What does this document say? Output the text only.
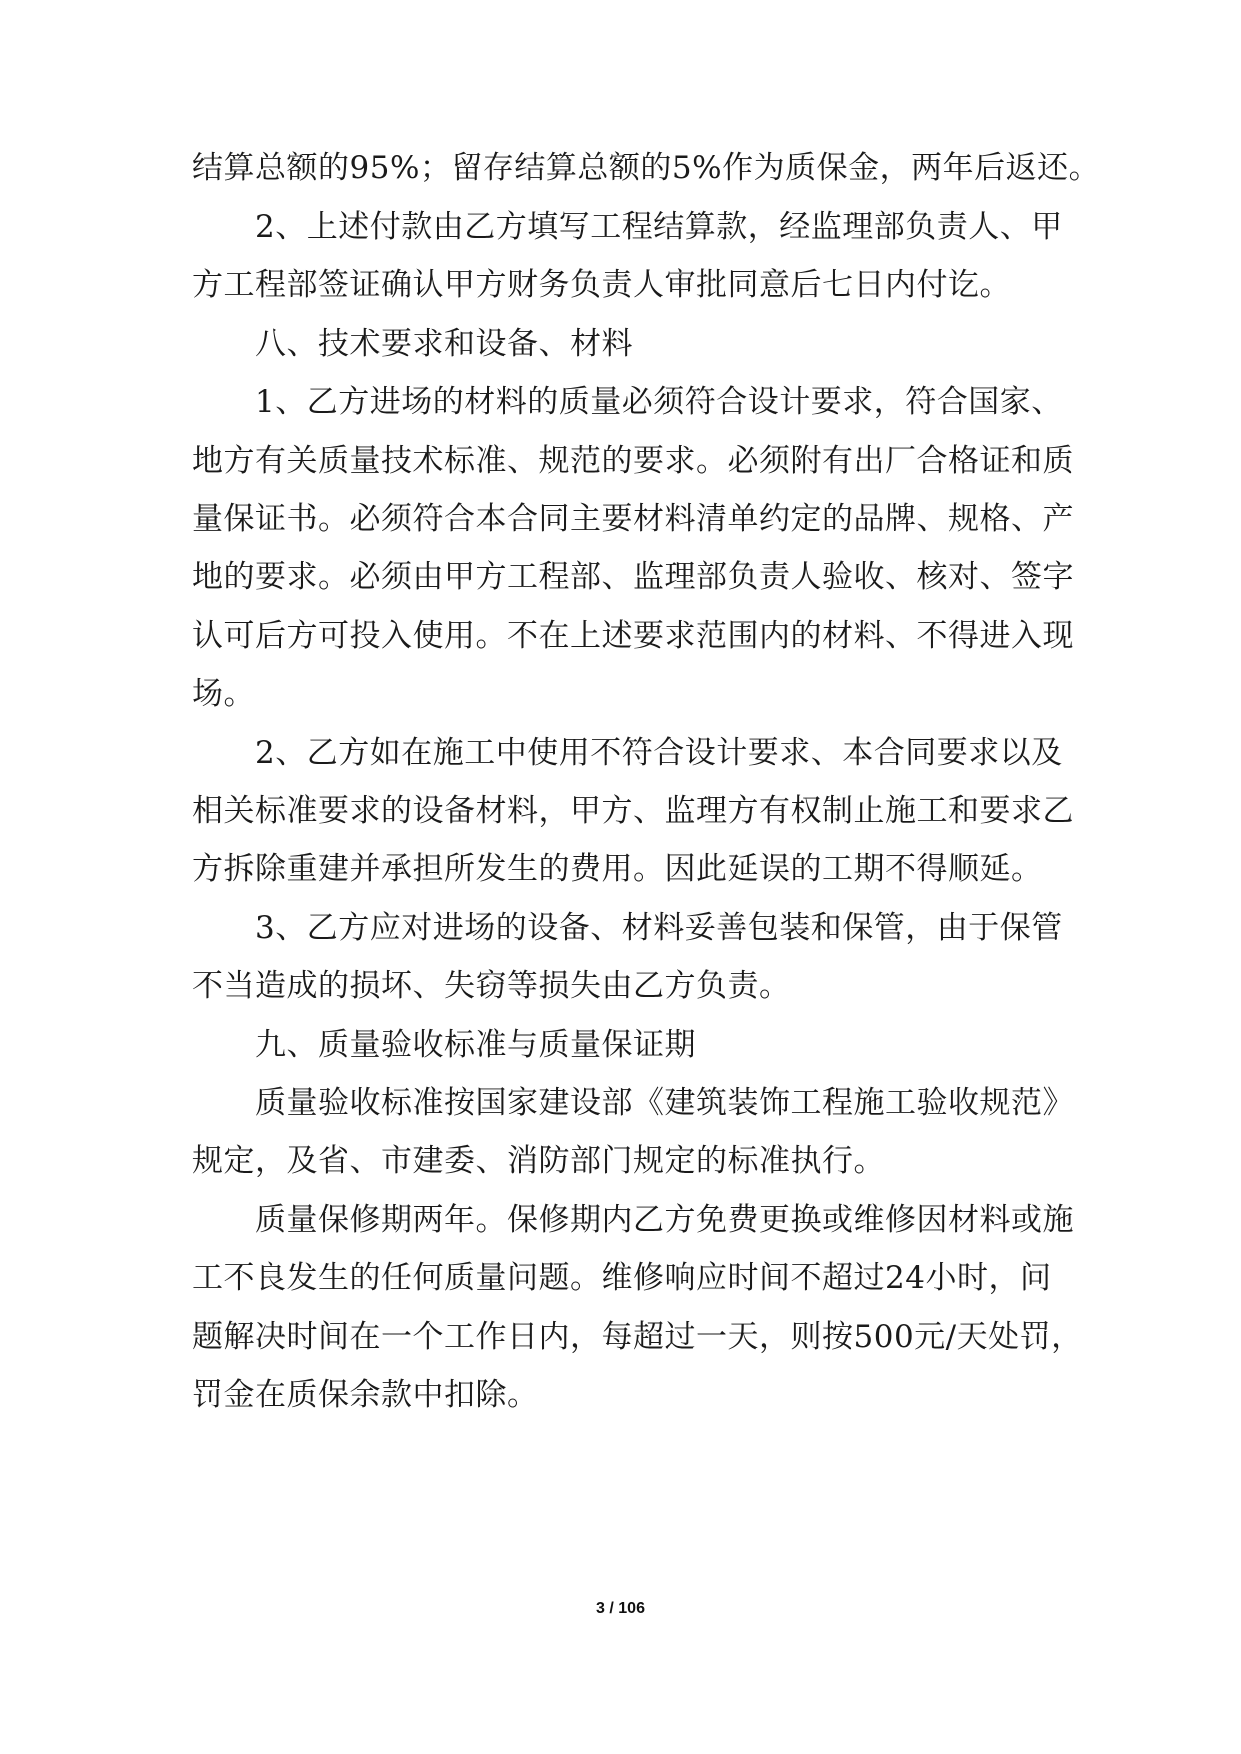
结算总额的95%；留存结算总额的5%作为质保金，两年后返还。
2、上述付款由乙方填写工程结算款，经监理部负责人、甲
方工程部签证确认甲方财务负责人审批同意后七日内付讫。
八、技术要求和设备、材料
1、乙方进场的材料的质量必须符合设计要求，符合国家、
地方有关质量技术标准、规范的要求。必须附有出厂合格证和质
量保证书。必须符合本合同主要材料清单约定的品牌、规格、产
地的要求。必须由甲方工程部、监理部负责人验收、核对、签字
认可后方可投入使用。不在上述要求范围内的材料、不得进入现
场。
2、乙方如在施工中使用不符合设计要求、本合同要求以及
相关标准要求的设备材料，甲方、监理方有权制止施工和要求乙
方拆除重建并承担所发生的费用。因此延误的工期不得顺延。
3、乙方应对进场的设备、材料妥善包装和保管，由于保管
不当造成的损坏、失窃等损失由乙方负责。
九、质量验收标准与质量保证期
质量验收标准按国家建设部《建筑装饰工程施工验收规范》
规定，及省、市建委、消防部门规定的标准执行。
质量保修期两年。保修期内乙方免费更换或维修因材料或施
工不良发生的任何质量问题。维修响应时间不超过24小时，问
题解决时间在一个工作日内，每超过一天，则按500元/天处罚，
罚金在质保余款中扣除。
3 / 106
